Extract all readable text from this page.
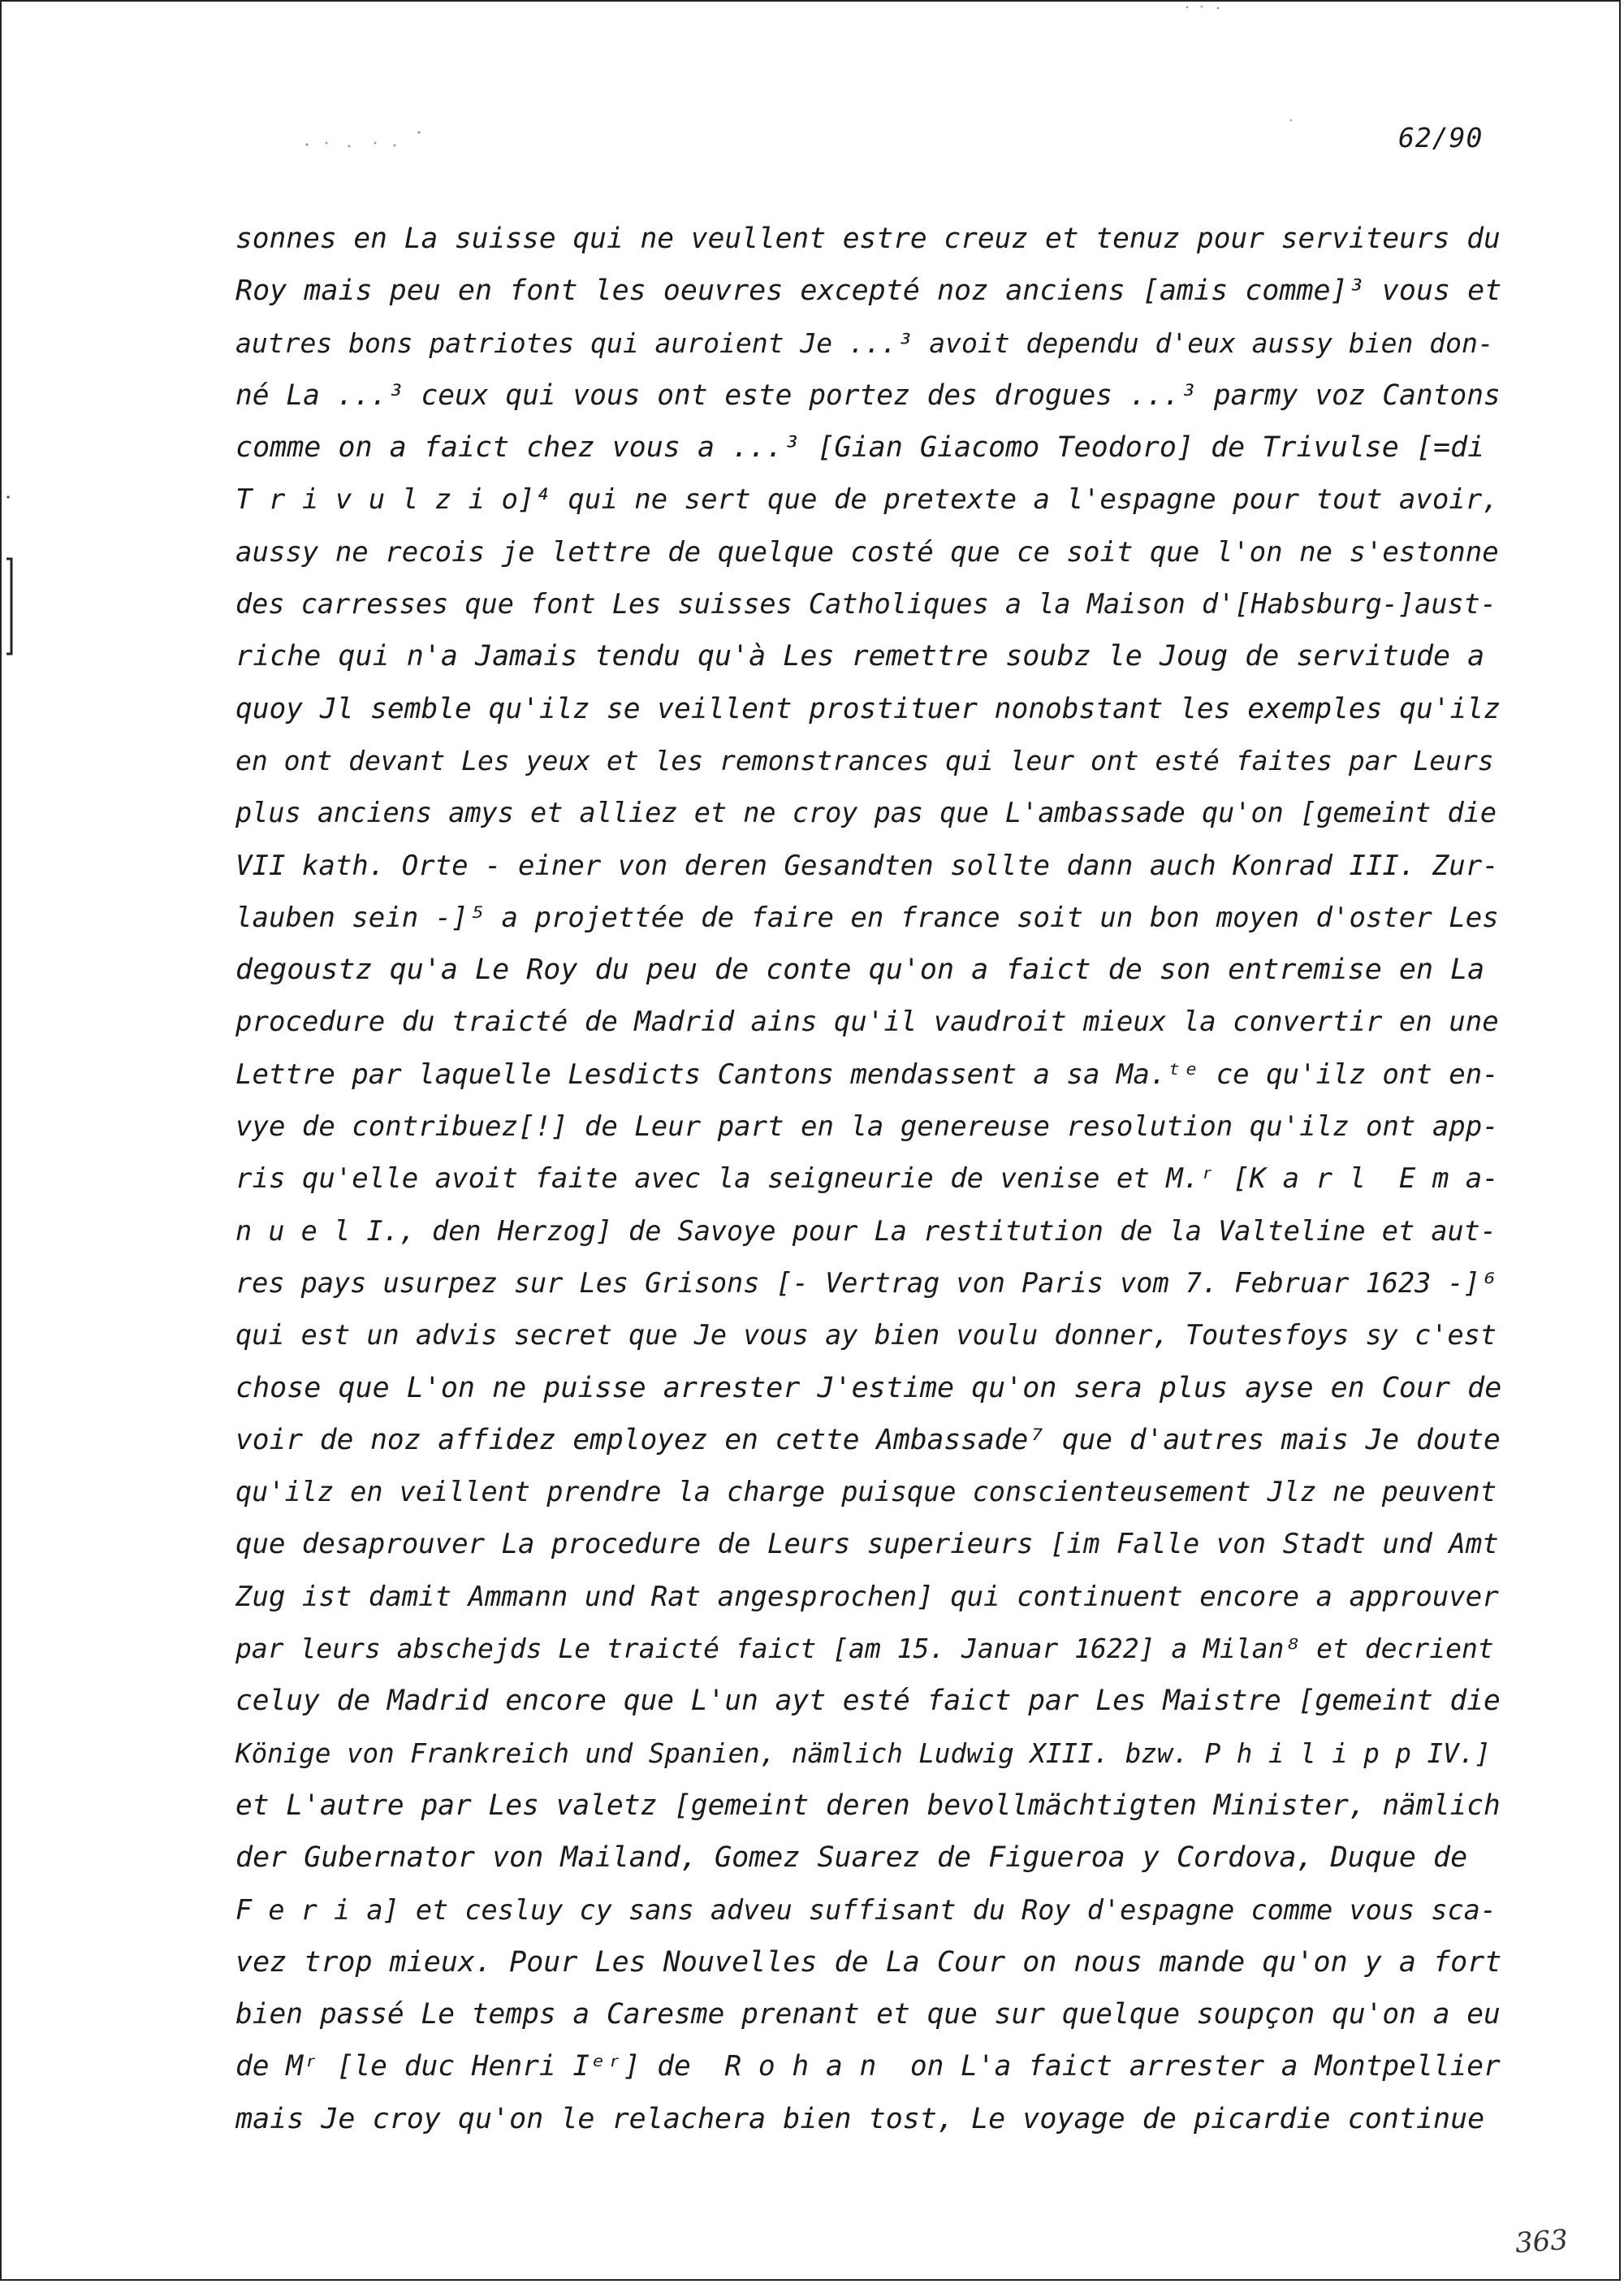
62/90
sonnes en La suisse qui ne veullent estre creuz et tenuz pour serviteurs du
Roy mais peu en font les oeuvres excepté noz anciens [amis comme]³ vous et
autres bons patriotes qui auroient Je ...³ avoit dependu d'eux aussy bien don-
né La ...³ ceux qui vous ont este portez des drogues ...³ parmy voz Cantons
comme on a faict chez vous a ...³ [Gian Giacomo Teodoro] de Trivulse [=di
T r i v u l z i o]⁴ qui ne sert que de pretexte a l'espagne pour tout avoir,
aussy ne recois je lettre de quelque costé que ce soit que l'on ne s'estonne
des carresses que font Les suisses Catholiques a la Maison d'[Habsburg-]aust-
riche qui n'a Jamais tendu qu'à Les remettre soubz le Joug de servitude a
quoy Jl semble qu'ilz se veillent prostituer nonobstant les exemples qu'ilz
en ont devant Les yeux et les remonstrances qui leur ont esté faites par Leurs
plus anciens amys et alliez et ne croy pas que L'ambassade qu'on [gemeint die
VII kath. Orte - einer von deren Gesandten sollte dann auch Konrad III. Zur-
lauben sein -]⁵ a projettée de faire en france soit un bon moyen d'oster Les
degoustz qu'a Le Roy du peu de conte qu'on a faict de son entremise en La
procedure du traicté de Madrid ains qu'il vaudroit mieux la convertir en une
Lettre par laquelle Lesdicts Cantons mendassent a sa Ma.ᵗᵉ ce qu'ilz ont en-
vye de contribuez[!] de Leur part en la genereuse resolution qu'ilz ont app-
ris qu'elle avoit faite avec la seigneurie de venise et M.ʳ [K a r l  E m a-
n u e l I., den Herzog] de Savoye pour La restitution de la Valteline et aut-
res pays usurpez sur Les Grisons [- Vertrag von Paris vom 7. Februar 1623 -]⁶
qui est un advis secret que Je vous ay bien voulu donner, Toutesfoys sy c'est
chose que L'on ne puisse arrester J'estime qu'on sera plus ayse en Cour de
voir de noz affidez employez en cette Ambassade⁷ que d'autres mais Je doute
qu'ilz en veillent prendre la charge puisque conscienteusement Jlz ne peuvent
que desaprouver La procedure de Leurs superieurs [im Falle von Stadt und Amt
Zug ist damit Ammann und Rat angesprochen] qui continuent encore a approuver
par leurs abschejds Le traicté faict [am 15. Januar 1622] a Milan⁸ et decrient
celuy de Madrid encore que L'un ayt esté faict par Les Maistre [gemeint die
Könige von Frankreich und Spanien, nämlich Ludwig XIII. bzw. P h i l i p p IV.]
et L'autre par Les valetz [gemeint deren bevollmächtigten Minister, nämlich
der Gubernator von Mailand, Gomez Suarez de Figueroa y Cordova, Duque de
F e r i a] et cesluy cy sans adveu suffisant du Roy d'espagne comme vous sca-
vez trop mieux. Pour Les Nouvelles de La Cour on nous mande qu'on y a fort
bien passé Le temps a Caresme prenant et que sur quelque soupçon qu'on a eu
de Mʳ [le duc Henri Iᵉʳ] de  R o h a n  on L'a faict arrester a Montpellier
mais Je croy qu'on le relachera bien tost, Le voyage de picardie continue
363
